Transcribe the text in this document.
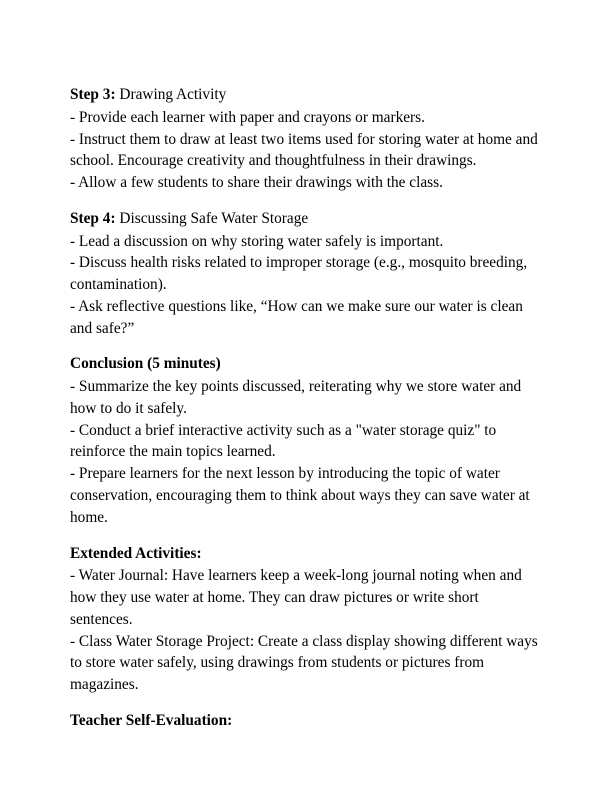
Step 3: Drawing Activity

- Provide each learner with paper and crayons or markers.

- Instruct them to draw at least two items used for storing water at home and school. Encourage creativity and thoughtfulness in their drawings.

- Allow a few students to share their drawings with the class.

Step 4: Discussing Safe Water Storage

- Lead a discussion on why storing water safely is important.

- Discuss health risks related to improper storage (e.g., mosquito breeding, contamination).

- Ask reflective questions like, “How can we make sure our water is clean and safe?”

Conclusion (5 minutes)

- Summarize the key points discussed, reiterating why we store water and how to do it safely.

- Conduct a brief interactive activity such as a "water storage quiz" to reinforce the main topics learned.

- Prepare learners for the next lesson by introducing the topic of water conservation, encouraging them to think about ways they can save water at home.

Extended Activities:

- Water Journal: Have learners keep a week-long journal noting when and how they use water at home. They can draw pictures or write short sentences.

- Class Water Storage Project: Create a class display showing different ways to store water safely, using drawings from students or pictures from magazines.

Teacher Self-Evaluation:
